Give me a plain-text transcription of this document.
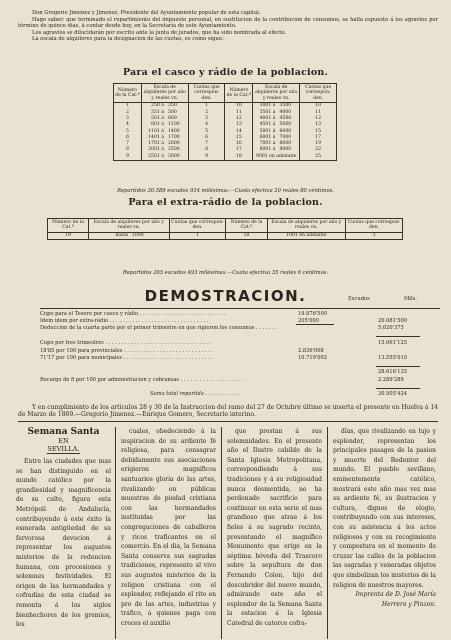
Don Gregorio Jimenez y Jimenez, Presidente del Ayuntamiento popular de esta capital.

Hago saber: que terminado el repartimiento del impuesto personal, en sustitucion de la contribucion de consumos, se halla espuesto á los agravios por término de quince dias, á contar desde hoy, en la Secretaría de este Ayuntamiento.

Los agravios se dilucidarán por escrito ante la junta de jurados, que ha sido nombrada al efecto.

La escala de alquileres para la designacion de las cuotas, es como sigue:

Para el casco y rádio de la poblacion.
Número de la Cat.ª	Escala de alquileres por año y reales vn.		Cuotas que correspon- den.	Número de la Cat.ª	Escala de alquileres por año y reales vn.		Cuotas que correspon- den.
1	250 á	350	1	10	3001 á	3500	10
2	351 á	500	2	11	3501 á	4000	11
3	501 á	800	3	12	4001 á	4500	12
4	801 á	1100	4	13	4501 á	5000	13
5	1101 á	1400	5	14	5001 á	6000	15
6	1401 á	1700	6	15	6001 á	7000	17
7	1701 á	2000	7	16	7001 á	8000	19
8	2001 á	2500	8	17	8001 á	9000	22
9	2501 á	3000	9	18	9001 en adelante		25
Repartidos 30.589 escudos 934 milésimas.—Cuota efectiva 20 reales 80 céntimos.
Para el extra-rádio de la poblacion.
Número de la Cat.ª	Escala de alquileres por año y reales vn.		Cuotas que correspon- den.	Número de la Cat.ª	Escala de alquileres por año y reales vn.	Cuotas que correspon- den.
19	hasta	1000	1	20	1001 en adelante	3
Repartidos 265 escudos 493 milésimas.—Cuota efectiva 35 reales 6 céntimos.
DEMOSTRACION.	Escudos	Mils.
Cupo para el Tesoro por casco y rádio . . . . . . . . . . . . . . . . . . . . . . . . . . .	19.876'500
Idem idem por extra-rádio . . . . . . . . . . . . . . . . . . . . . . . . . . . . . . .	205'000	20.081'500
Deduccion de la cuarta parte por el primer trimestre en que rigieron los consumos . . . . . . .	5.020'375
Cupo por tres trimestres . . . . . . . . . . . . . . . . . . . . . . . . . . . . . . . . .	15.061'125
18'85 por 100 para provinciales . . . . . . . . . . . . . . . . . . . . . . . . . . . .	2.836'008
71'17 por 100 para municipales . . . . . . . . . . . . . . . . . . . . . . . . . . . .	10.719'002	13.555'010
28.616'135
Recargo de 8 por 100 por administracion y cobranzas . . . . . . . . . . . . . . . . . . . .	2.289'289
Suma total repartida . . . . . . . . . . .	30.905'424
Y en cumplimiento de los artículos 28 y 30 de la Instruccion del ramo del 27 de Octubre último se inserta el presente en Huelva á 14 de Marzo de 1869.—Gregorio Jimenez.—Enrique Gomero, Secretario interino.

Semana Santa

EN
SEVILLA.

Entre las ciudades que mas se han distinguido en el mundo católico por la grandiosidad y magnificencia de su culto, figura esta Metrópoli de Andalucía, contribuyendo á este éxito la esmerada antigüedad de su fervorosa devocion á representar los augustos misterios de la redencion humana, con procesiones y solemnes festividades. El origen de las hermandades y cofradías de esta ciudad se remonta á los siglos bienhechores de los gremios, los

cuales, obedeciendo á la inspiracion de su ardiente fé religiosa, para consagrar debidamente sus asociaciones erigieron magníficos santuarios gloria de las artes, rivalizando en públicas muestras de piedad cristiana con las hermandades instituidas por las congregaciones de caballeros y ricos traficantes en el comercio. En el dia, la Semana Santa conserva sus sagradas tradiciones, represento al vivo sus augustos misterios de la religion cristiana con el esplendor, reflejando el rito en pro de las artes, industrias y tráfico, á quienes paga con creces el auxilio

que prestan á sus solemnidades. En el presente año el Ilustre cabildo de la Santa Iglesia Metropolitana, correspondiendo á sus tradiciones y á su religiosidad nunca desmentida, no ha perdonado sacrificio para continuar en esta serie el mas grandioso que atrae á los fieles á su sagrado recinto, presentando el magnífico Monumento que erige en la séptima bóveda del Trascoro sobre la sepultura de don Fernando Colon, hijo del descubridor del nuevo mundo, admirando este año el esplendor de la Semana Santa la estacion á la Iglesia Catedral de catorce cofra-

días, que rivalizando en lujo y esplendor, representan los principales pasages de la pasion y muerte del Redentor del mundo. El pueblo sevillano, eminentemente católico, mostrará este año mas vez mas su ardiente fé, su ilustracion y cultura, dignos de elogio, contribuyendo con sus intereses, con su asistencia á los actos religiosos y con su recogimiento y compostura en el momento de cruzar las calles de la poblacion las sagradas y veneradas objetos que simbolizan los misterios de la religion de nuestros mayores.

Imprenta de D. José María

Herrera y Pinzon.
